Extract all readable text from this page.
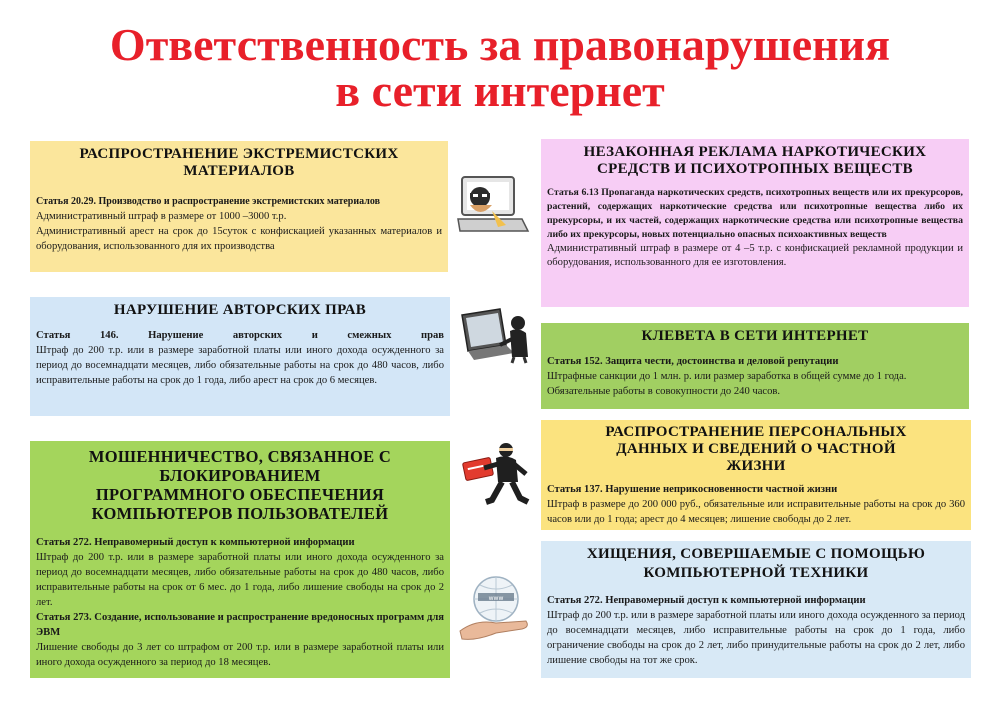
Ответственность за правонарушения
в сети интернет
РАСПРОСТРАНЕНИЕ ЭКСТРЕМИСТСКИХ МАТЕРИАЛОВ

Статья 20.29. Производство и распространение экстремистских материалов

Административный штраф в размере от 1000 –3000 т.р.

Административный арест на срок до 15суток с конфискацией указанных материалов и оборудования, использованного для их производства

НАРУШЕНИЕ АВТОРСКИХ ПРАВ

Статья 146. Нарушение авторских и смежных прав

Штраф до 200 т.р. или в размере заработной платы или иного дохода осужденного за период до восемнадцати месяцев, либо обязательные работы на срок до 480 часов, либо исправительные работы на срок до 1 года, либо арест на срок до 6 месяцев.

МОШЕННИЧЕСТВО, СВЯЗАННОЕ С БЛОКИРОВАНИЕМ ПРОГРАММНОГО ОБЕСПЕЧЕНИЯ КОМПЬЮТЕРОВ ПОЛЬЗОВАТЕЛЕЙ

Статья 272. Неправомерный доступ к компьютерной информации

Штраф до 200 т.р. или в размере заработной платы или иного дохода осужденного за период до восемнадцати месяцев, либо обязательные работы на срок до 480 часов, либо исправительные работы на срок от 6 мес. до 1 года, либо лишение свободы на срок до 2 лет.

Статья 273. Создание, использование и распространение вредоносных программ для ЭВМ

Лишение свободы до 3 лет со штрафом от 200 т.р. или в размере заработной платы или иного дохода осужденного за период до 18 месяцев.

НЕЗАКОННАЯ РЕКЛАМА НАРКОТИЧЕСКИХ СРЕДСТВ И ПСИХОТРОПНЫХ ВЕЩЕСТВ

Статья 6.13 Пропаганда наркотических средств, психотропных веществ или их прекурсоров, растений, содержащих наркотические средства или психотропные вещества либо их прекурсоры, и их частей, содержащих наркотические средства или психотропные вещества либо их прекурсоры, новых потенциально опасных психоактивных веществ

Административный штраф в размере от 4 –5 т.р. с конфискацией рекламной продукции и оборудования, использованного для ее изготовления.

КЛЕВЕТА В СЕТИ ИНТЕРНЕТ

Статья 152. Защита чести, достоинства и деловой репутации

Штрафные санкции до 1 млн. р. или размер заработка в общей сумме до 1 года. Обязательные работы в совокупности до 240 часов.

РАСПРОСТРАНЕНИЕ ПЕРСОНАЛЬНЫХ ДАННЫХ И СВЕДЕНИЙ О ЧАСТНОЙ ЖИЗНИ

Статья 137. Нарушение неприкосновенности частной жизни

Штраф в размере до 200 000 руб., обязательные или исправительные работы на срок до 360 часов или до 1 года; арест до 4 месяцев; лишение свободы до 2 лет.

ХИЩЕНИЯ, СОВЕРШАЕМЫЕ С ПОМОЩЬЮ КОМПЬЮТЕРНОЙ ТЕХНИКИ

Статья 272. Неправомерный доступ к компьютерной информации

Штраф до 200 т.р. или в размере заработной платы или иного дохода осужденного за период до восемнадцати месяцев, либо исправительные работы на срок до 1 года, либо ограничение свободы на срок до 2 лет, либо принудительные работы на срок до 2 лет, либо лишение свободы на тот же срок.

www
